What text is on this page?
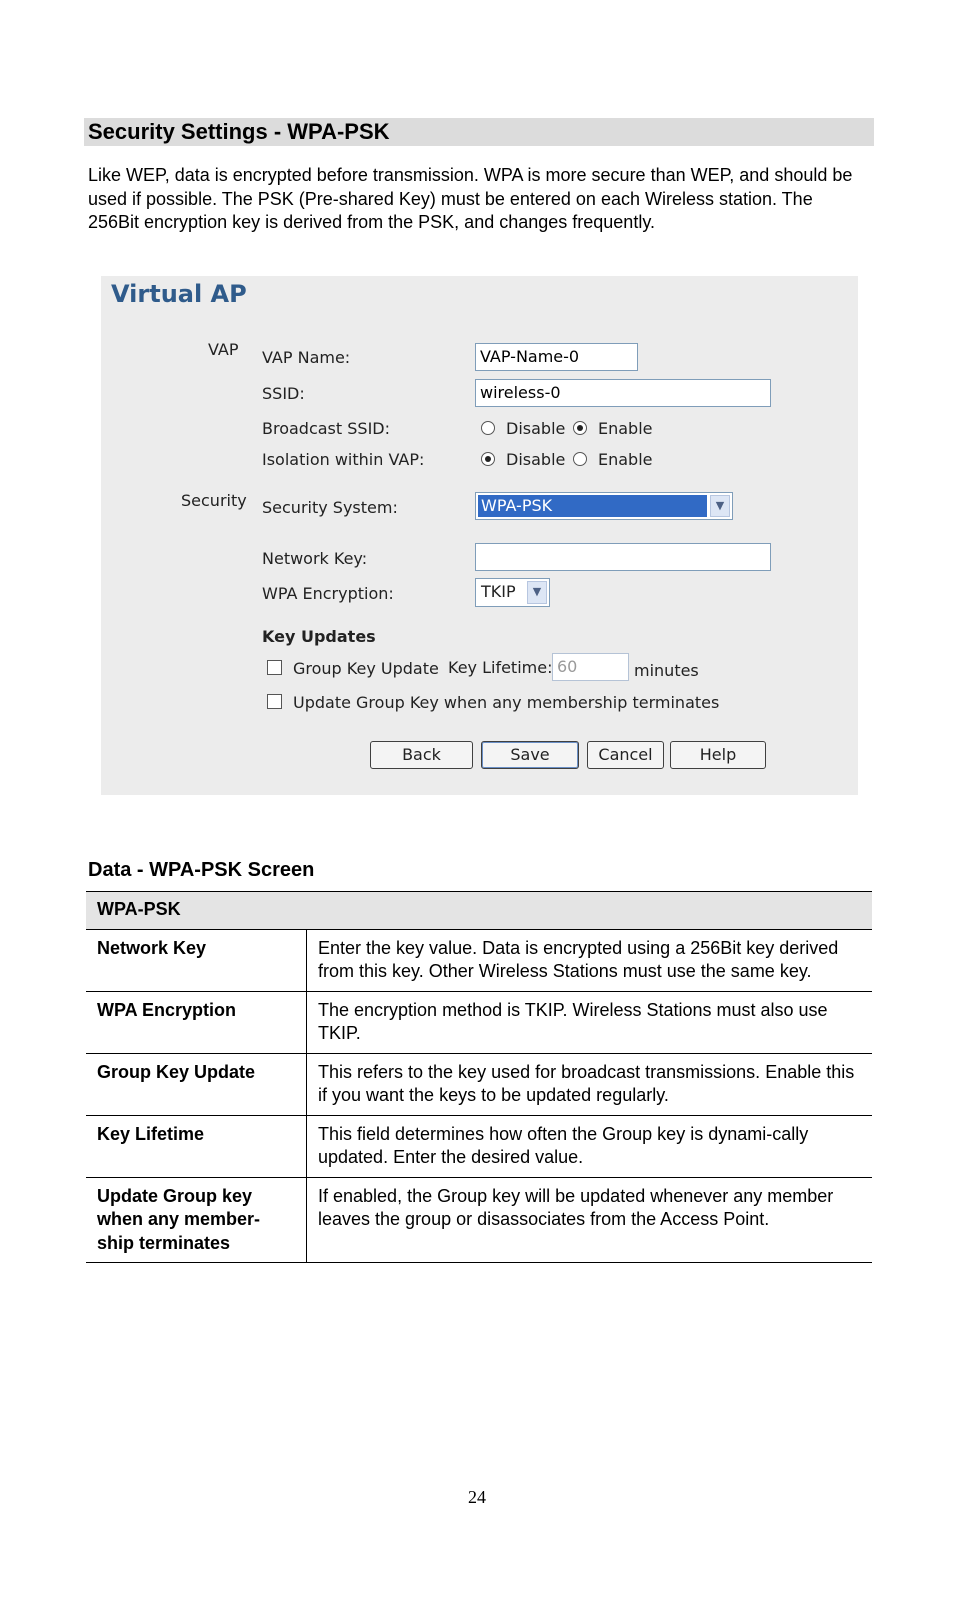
Security Settings - WPA-PSK

Like WEP, data is encrypted before transmission. WPA is more secure than WEP, and should be used if possible. The PSK (Pre-shared Key) must be entered on each Wireless station. The 256Bit encryption key is derived from the PSK, and changes frequently.

Virtual AP
VAP VAP Name:	VAP-Name-0
SSID:	wireless-0
Broadcast SSID:	Disable Enable
Isolation within VAP:	Disable Enable
Security Security System:	WPA-PSK	▼
Network Key:
WPA Encryption:	TKIP	▼
Key Updates
Group Key Update Key Lifetime: 60	minutes
Update Group Key when any membership terminates
Back	Save	Cancel	Help
Data - WPA-PSK Screen
WPA-PSK	
Network Key	Enter the key value. Data is encrypted using a 256Bit key derived from this key. Other Wireless Stations must use the same key.
WPA Encryption	The encryption method is TKIP. Wireless Stations must also use TKIP.
Group Key Update	This refers to the key used for broadcast transmissions. Enable this if you want the keys to be updated regularly.
Key Lifetime	This field determines how often the Group key is dynami-cally updated. Enter the desired value.
Update Group key when any member-ship terminates	If enabled, the Group key will be updated whenever any member leaves the group or disassociates from the Access Point.
24
